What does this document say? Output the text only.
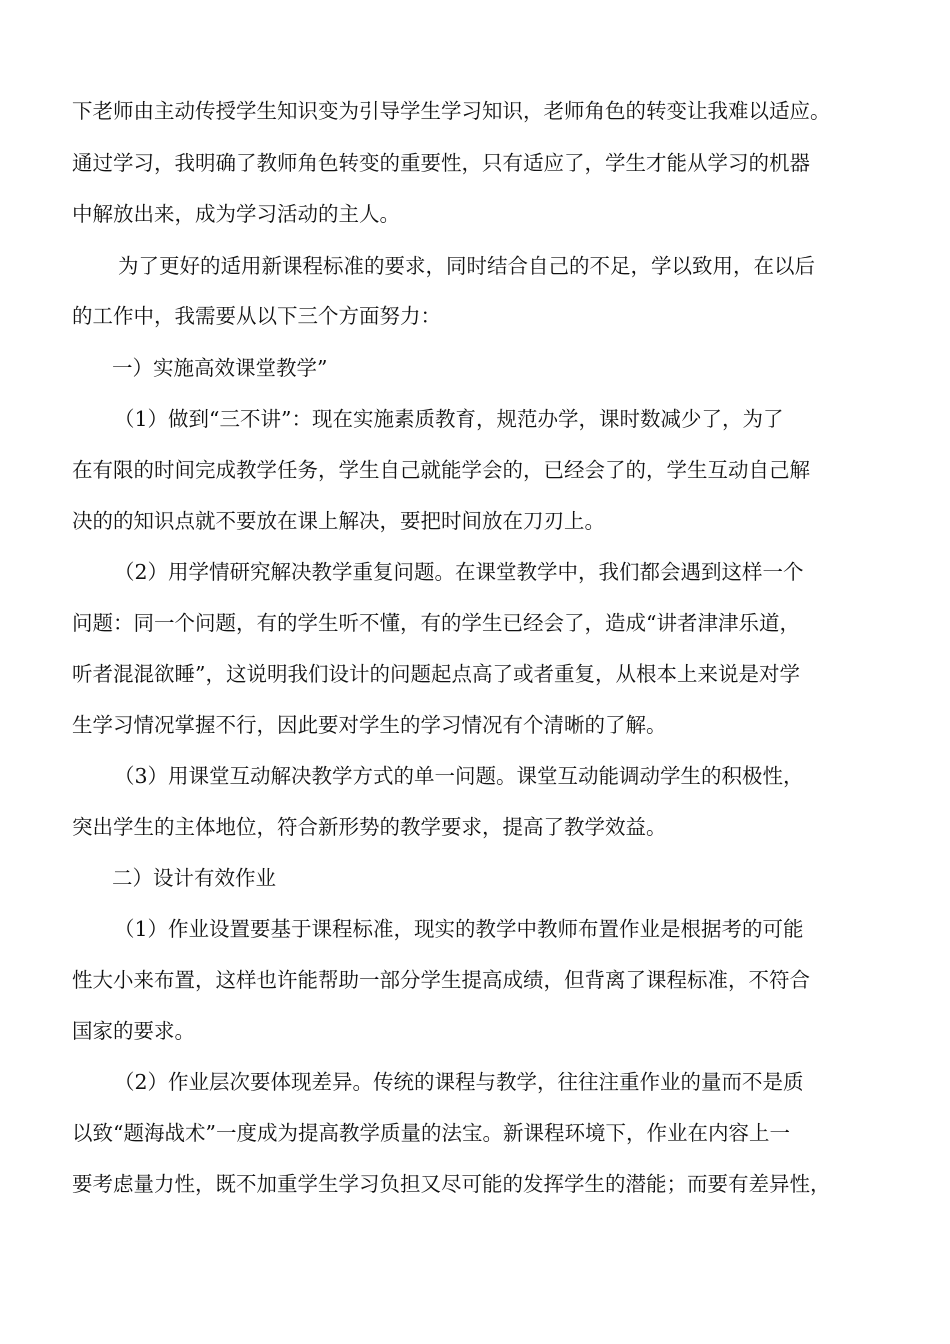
下老师由主动传授学生知识变为引导学生学习知识，老师角色的转变让我难以适应。
通过学习，我明确了教师角色转变的重要性，只有适应了，学生才能从学习的机器
中解放出来，成为学习活动的主人。
为了更好的适用新课程标准的要求，同时结合自己的不足，学以致用，在以后
的工作中，我需要从以下三个方面努力：
一）实施高效课堂教学”
（1）做到“三不讲”：现在实施素质教育，规范办学，课时数减少了，为了
在有限的时间完成教学任务，学生自己就能学会的，已经会了的，学生互动自己解
决的的知识点就不要放在课上解决，要把时间放在刀刃上。
（2）用学情研究解决教学重复问题。在课堂教学中，我们都会遇到这样一个
问题：同一个问题，有的学生听不懂，有的学生已经会了，造成“讲者津津乐道，
听者混混欲睡”，这说明我们设计的问题起点高了或者重复，从根本上来说是对学
生学习情况掌握不行，因此要对学生的学习情况有个清晰的了解。
（3）用课堂互动解决教学方式的单一问题。课堂互动能调动学生的积极性，
突出学生的主体地位，符合新形势的教学要求，提高了教学效益。
二）设计有效作业
（1）作业设置要基于课程标准，现实的教学中教师布置作业是根据考的可能
性大小来布置，这样也许能帮助一部分学生提高成绩，但背离了课程标准，不符合
国家的要求。
（2）作业层次要体现差异。传统的课程与教学，往往注重作业的量而不是质
以致“题海战术”一度成为提高教学质量的法宝。新课程环境下，作业在内容上一
要考虑量力性，既不加重学生学习负担又尽可能的发挥学生的潜能；而要有差异性，
